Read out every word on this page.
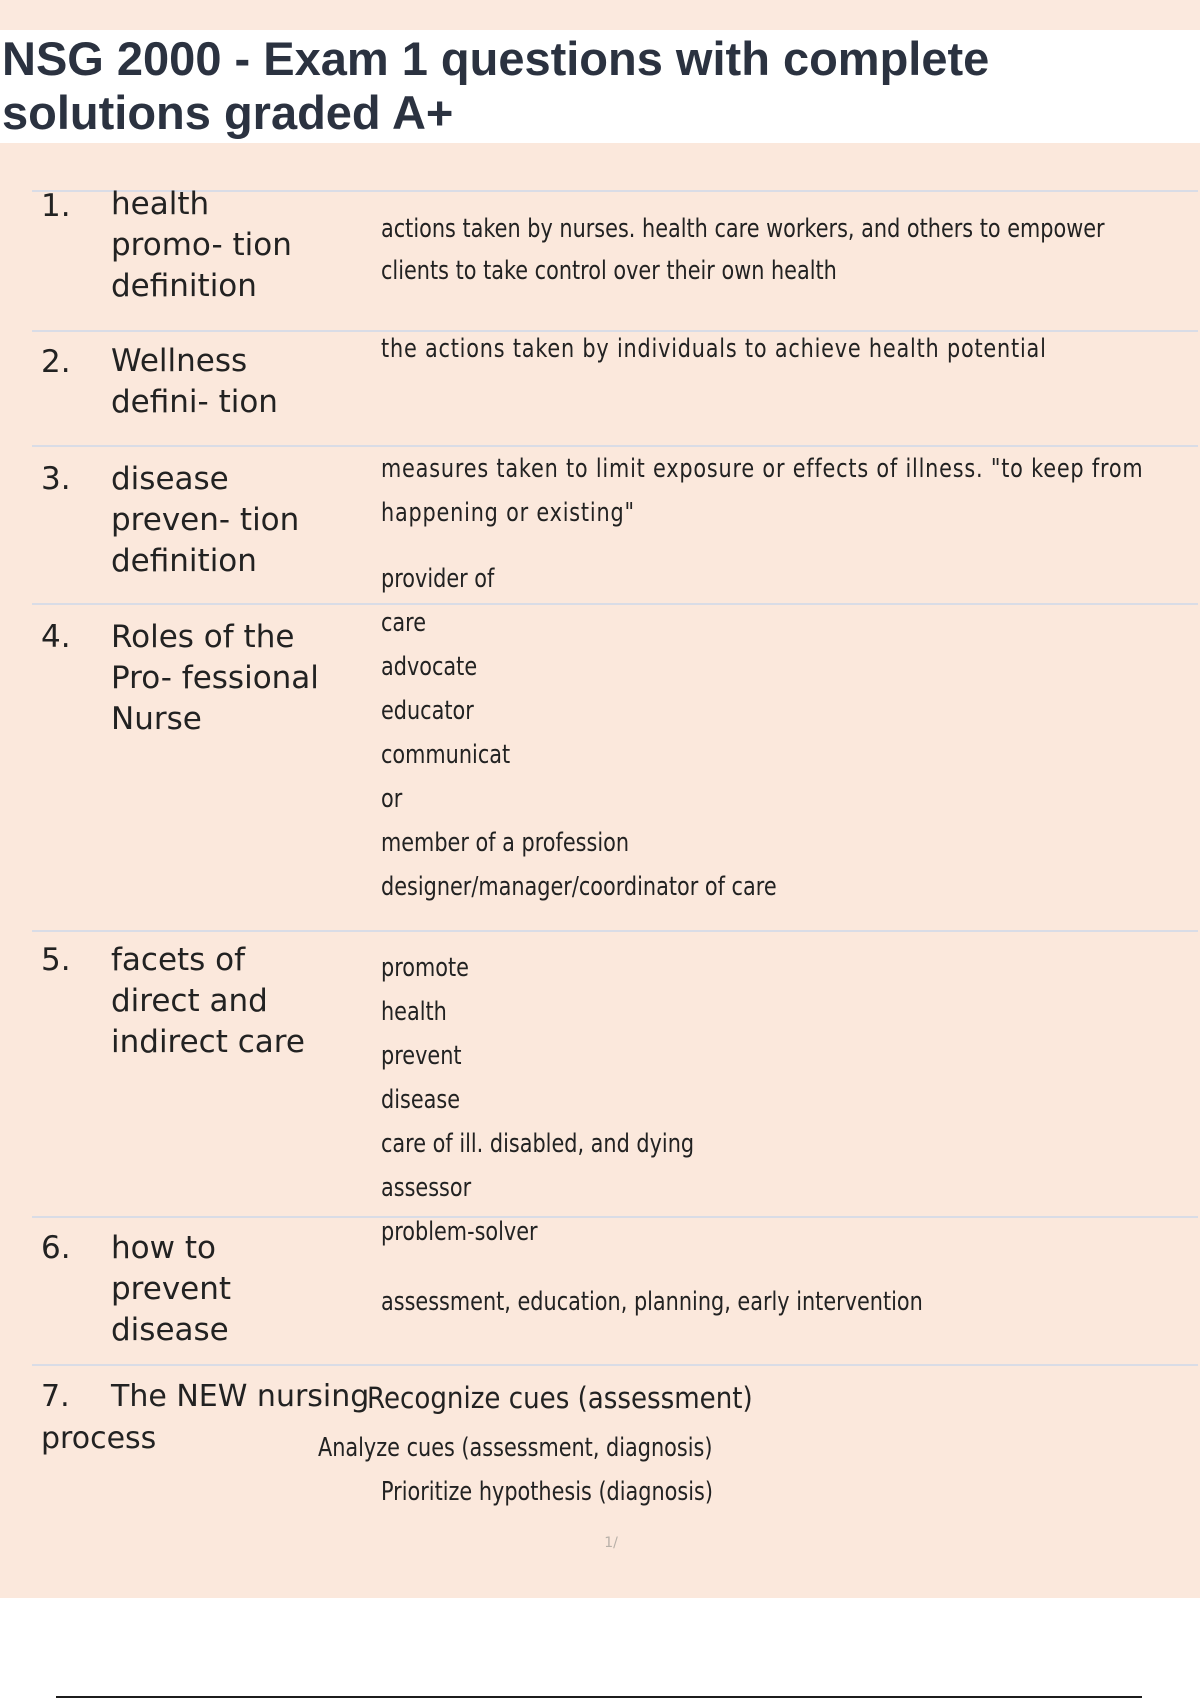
NSG 2000 - Exam 1 questions with complete
solutions graded A+
1. health
promo- tion
definition
actions taken by nurses. health care workers, and others to empower
clients to take control over their own health
2. Wellness
defini- tion
the actions taken by individuals to achieve health potential
3. disease
preven- tion
definition
measures taken to limit exposure or effects of illness. "to keep from
happening or existing"
4. Roles of the
Pro- fessional
Nurse
provider of
care
advocate
educator
communicat
or
member of a profession
designer/manager/coordinator of care
5. facets of
direct and
indirect care
promote
health
prevent
disease
care of ill. disabled, and dying
assessor
problem-solver
6. how to
prevent
disease
assessment, education, planning, early intervention
7. The NEW nursing
process
Recognize cues (assessment)
Analyze cues (assessment, diagnosis)
Prioritize hypothesis (diagnosis)
1/
